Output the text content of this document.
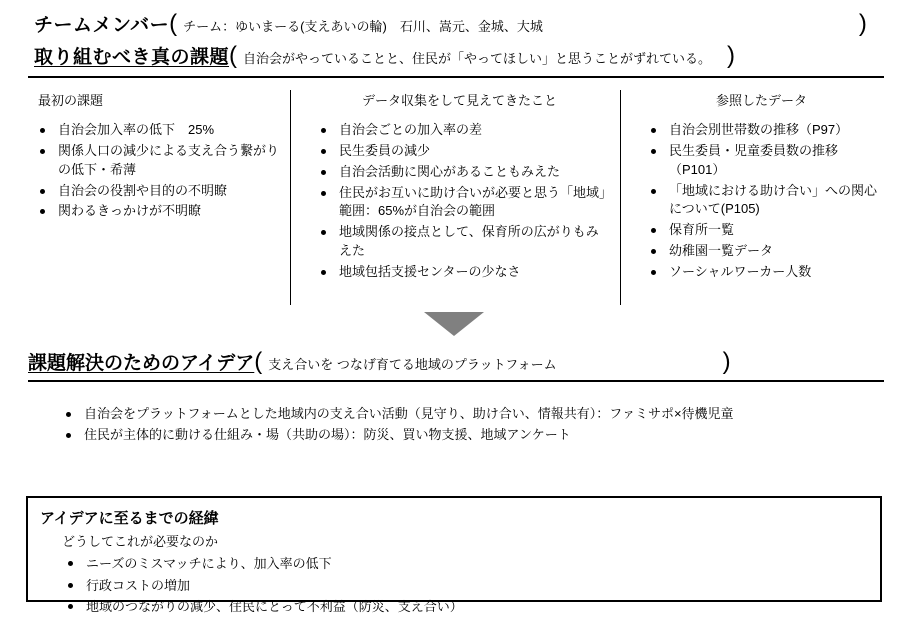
チームメンバー ( チーム：ゆいまーる(支えあいの輪)　石川、嵩元、金城、大城	)
取り組むべき真の課題 ( 自治会がやっていることと、住民が「やってほしい」と思うことがずれている。 )
最初の課題
自治会加入率の低下　25%
関係人口の減少による支え合う繋がりの低下・希薄
自治会の役割や目的の不明瞭
関わるきっかけが不明瞭
データ収集をして見えてきたこと
自治会ごとの加入率の差
民生委員の減少
自治会活動に関心があることもみえた
住民がお互いに助け合いが必要と思う「地域」範囲：65%が自治会の範囲
地域関係の接点として、保育所の広がりもみえた
地域包括支援センターの少なさ
参照したデータ
自治会別世帯数の推移（P97）
民生委員・児童委員数の推移（P101）
「地域における助け合い」への関心について(P105)
保育所一覧
幼稚園一覧データ
ソーシャルワーカー人数
課題解決のためのアイデア ( 支え合いを つなげ育てる地域のプラットフォーム	)
自治会をプラットフォームとした地域内の支え合い活動（見守り、助け合い、情報共有）：ファミサポ×待機児童
住民が主体的に動ける仕組み・場（共助の場）：防災、買い物支援、地域アンケート
アイデアに至るまでの経緯
どうしてこれが必要なのか
ニーズのミスマッチにより、加入率の低下
行政コストの増加
地域のつながりの減少、住民にとって不利益（防災、支え合い）
